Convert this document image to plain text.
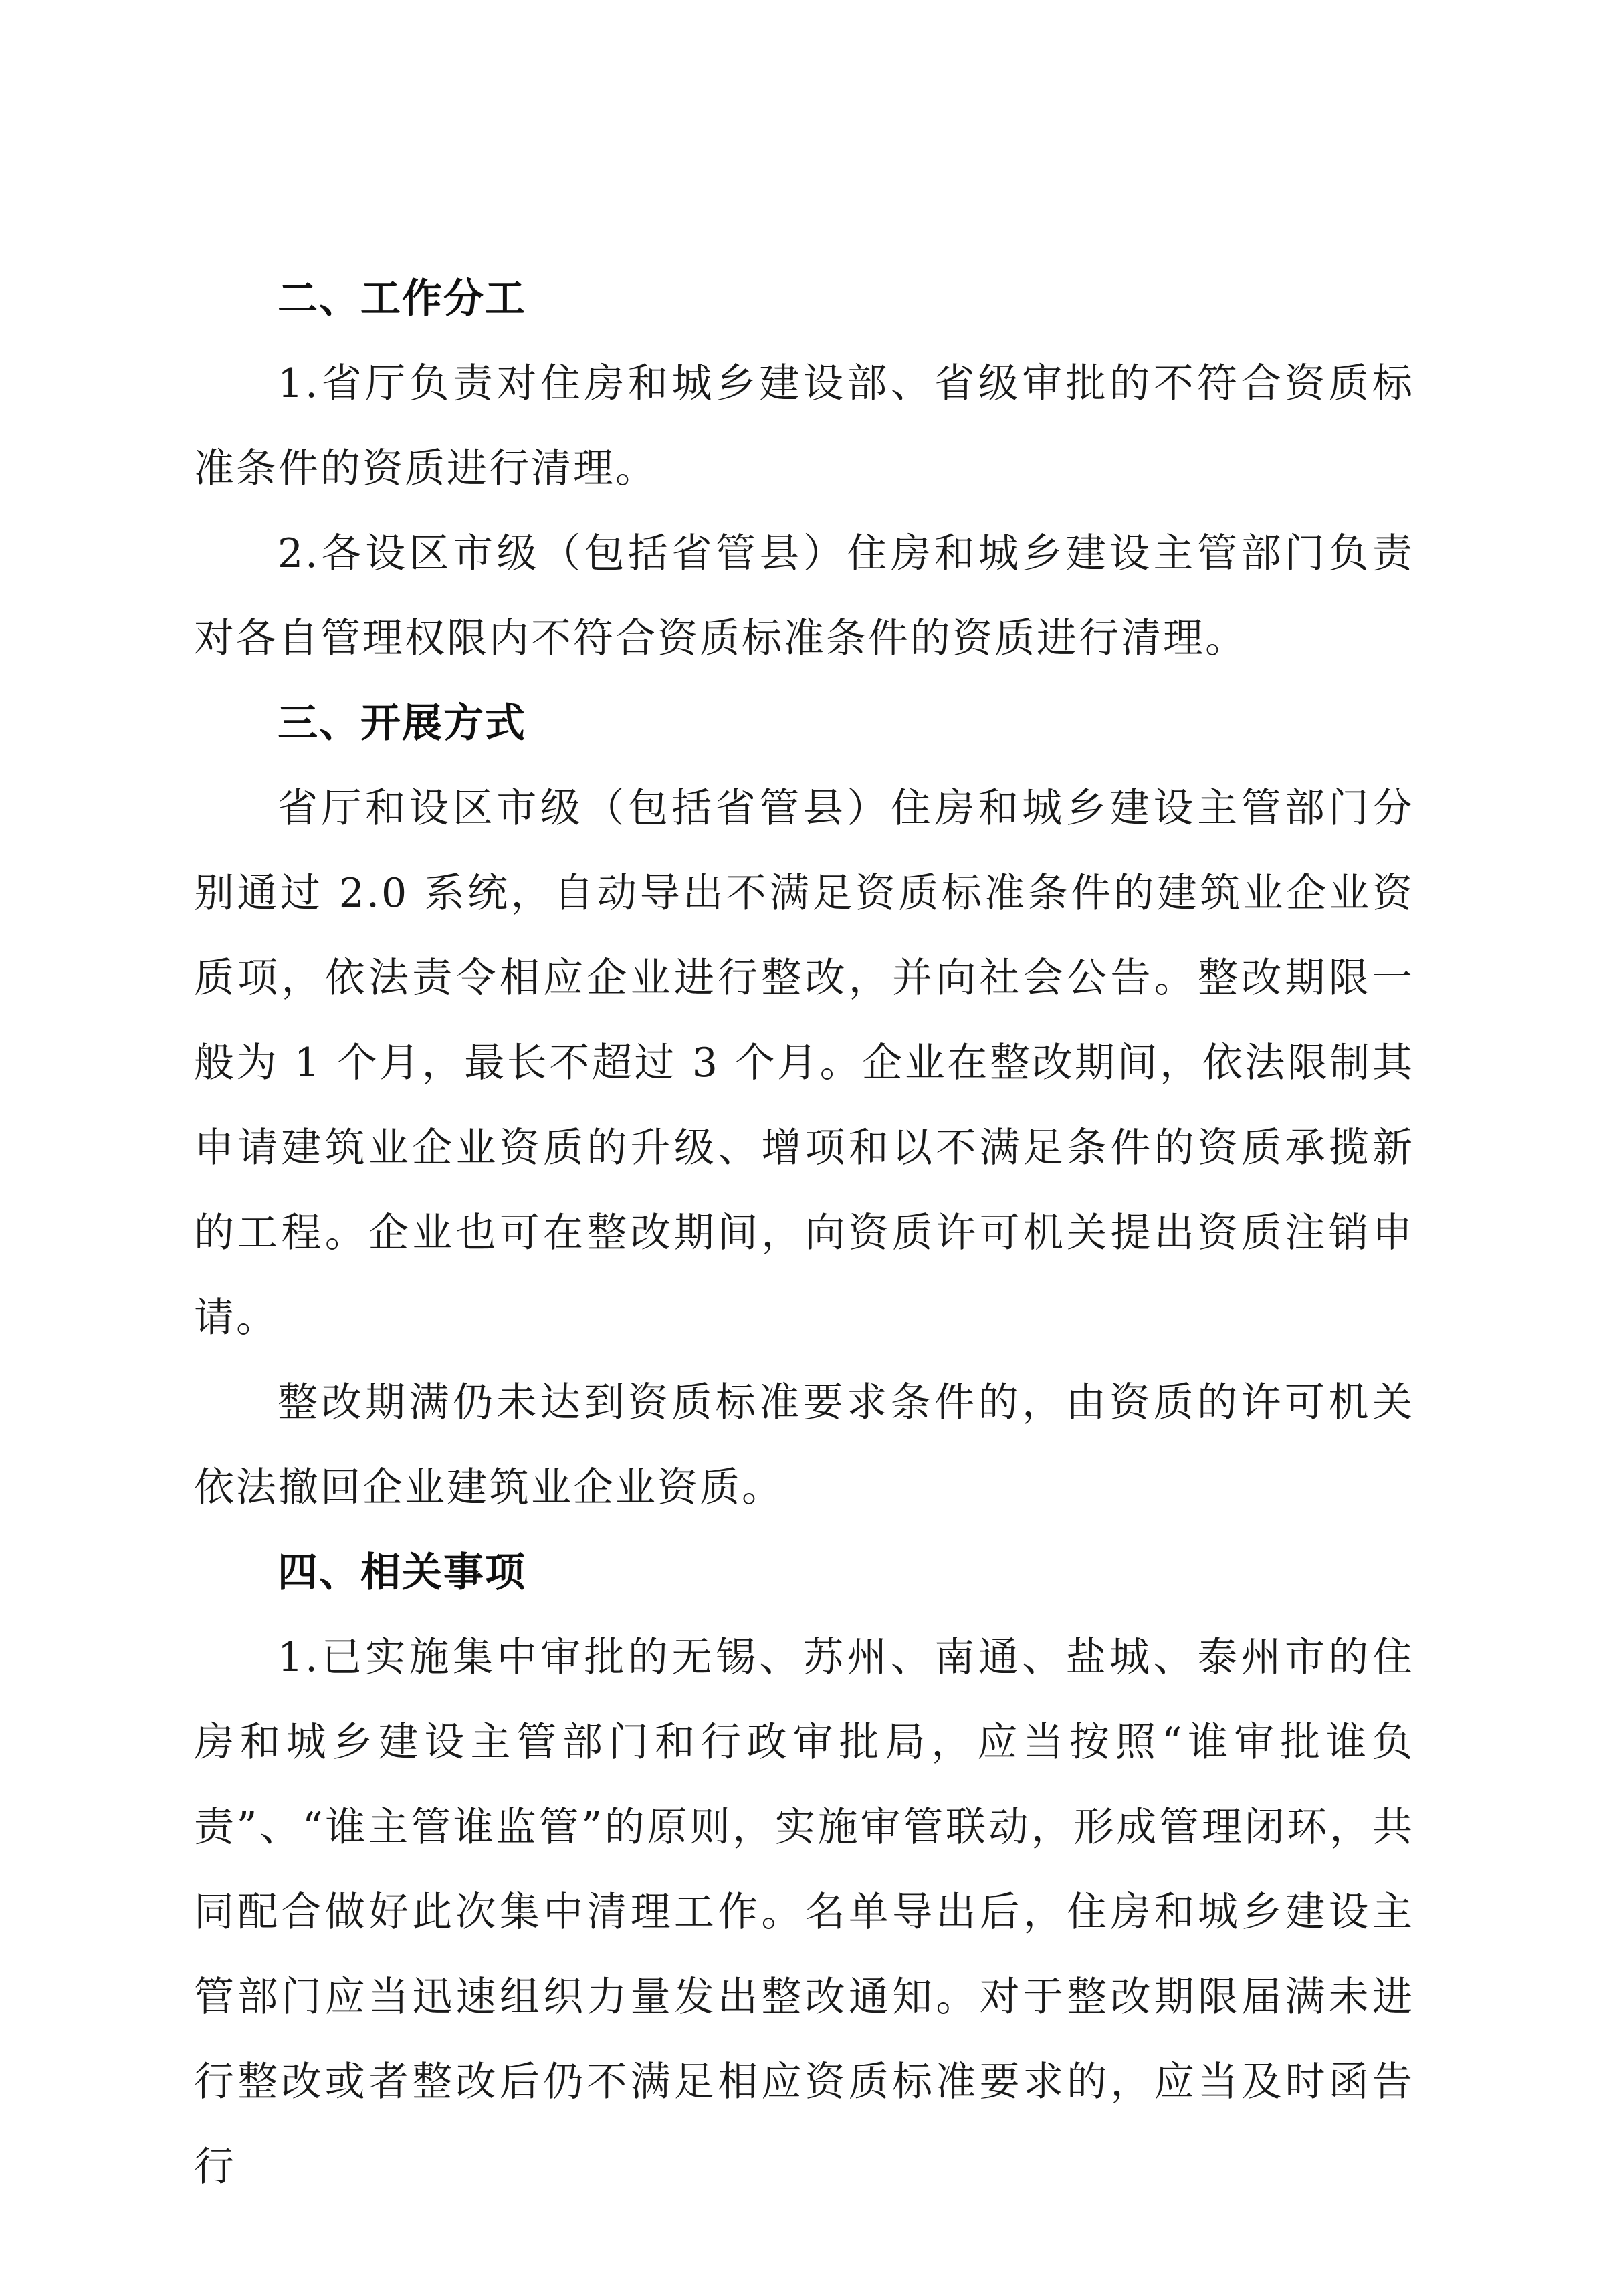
二、工作分工

1.省厅负责对住房和城乡建设部、省级审批的不符合资质标准条件的资质进行清理。

2.各设区市级（包括省管县）住房和城乡建设主管部门负责对各自管理权限内不符合资质标准条件的资质进行清理。

三、开展方式

省厅和设区市级（包括省管县）住房和城乡建设主管部门分别通过 2.0 系统，自动导出不满足资质标准条件的建筑业企业资质项，依法责令相应企业进行整改，并向社会公告。整改期限一般为 1 个月，最长不超过 3 个月。企业在整改期间，依法限制其申请建筑业企业资质的升级、增项和以不满足条件的资质承揽新的工程。企业也可在整改期间，向资质许可机关提出资质注销申请。

整改期满仍未达到资质标准要求条件的，由资质的许可机关依法撤回企业建筑业企业资质。

四、相关事项

1.已实施集中审批的无锡、苏州、南通、盐城、泰州市的住房和城乡建设主管部门和行政审批局，应当按照“谁审批谁负责”、“谁主管谁监管”的原则，实施审管联动，形成管理闭环，共同配合做好此次集中清理工作。名单导出后，住房和城乡建设主管部门应当迅速组织力量发出整改通知。对于整改期限届满未进行整改或者整改后仍不满足相应资质标准要求的，应当及时函告行
